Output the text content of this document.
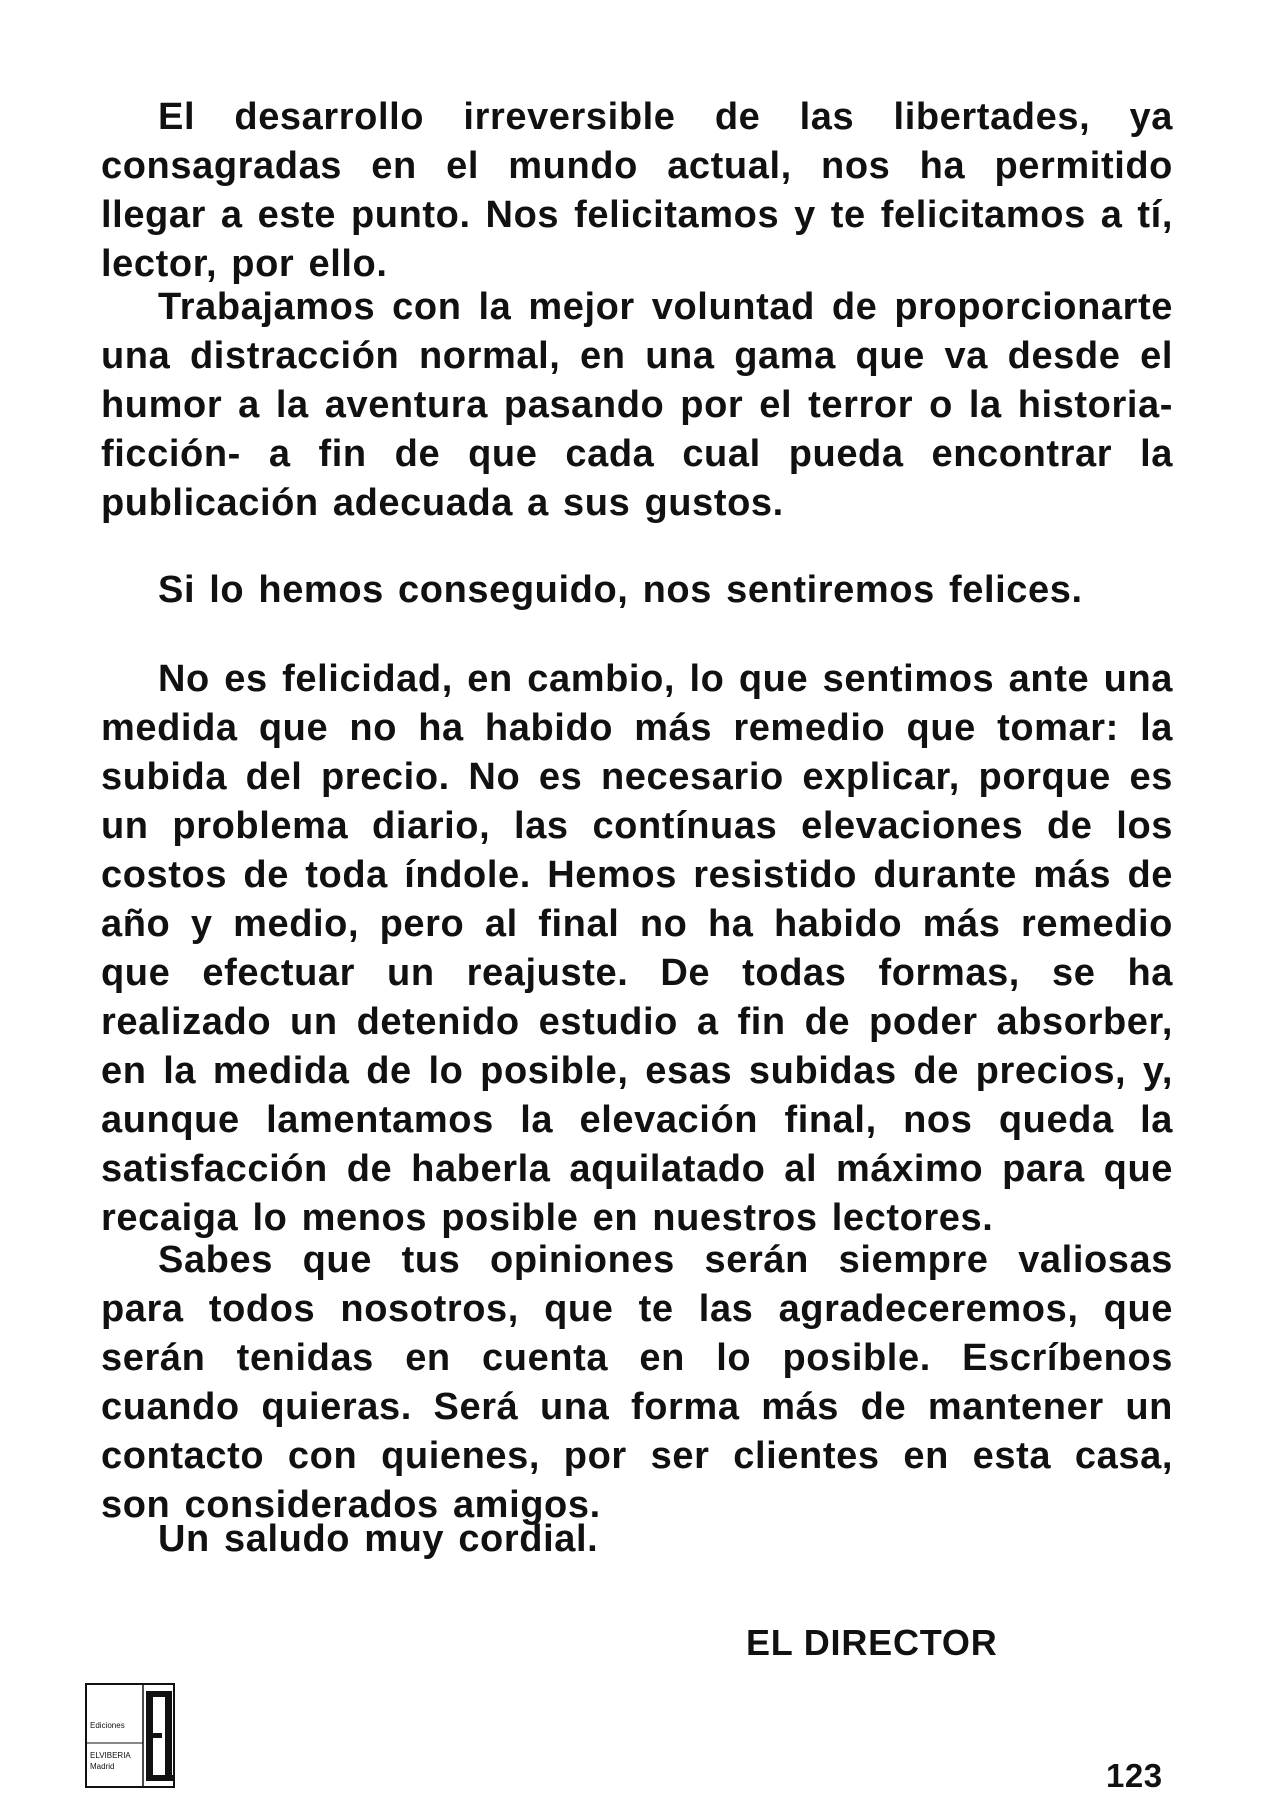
El desarrollo irreversible de las libertades, ya consagradas en el mundo actual, nos ha permitido llegar a este punto. Nos felicitamos y te felicitamos a tí, lector, por ello.

Trabajamos con la mejor voluntad de proporcionarte una distracción normal, en una gama que va desde el humor a la aventura pasando por el terror o la historia-ficción- a fin de que cada cual pueda encontrar la publicación adecuada a sus gustos.

Si lo hemos conseguido, nos sentiremos felices.

No es felicidad, en cambio, lo que sentimos ante una medida que no ha habido más remedio que tomar: la subida del precio. No es necesario explicar, porque es un problema diario, las contínuas elevaciones de los costos de toda índole. Hemos resistido durante más de año y medio, pero al final no ha habido más remedio que efectuar un reajuste. De todas formas, se ha realizado un detenido estudio a fin de poder absorber, en la medida de lo posible, esas subidas de precios, y, aunque lamentamos la elevación final, nos queda la satisfacción de haberla aquilatado al máximo para que recaiga lo menos posible en nuestros lectores.

Sabes que tus opiniones serán siempre valiosas para todos nosotros, que te las agradeceremos, que serán tenidas en cuenta en lo posible. Escríbenos cuando quieras. Será una forma más de mantener un contacto con quienes, por ser clientes en esta casa, son considerados amigos.

Un saludo muy cordial.

EL DIRECTOR
Ediciones
ELVIBERIA
Madrid	123
